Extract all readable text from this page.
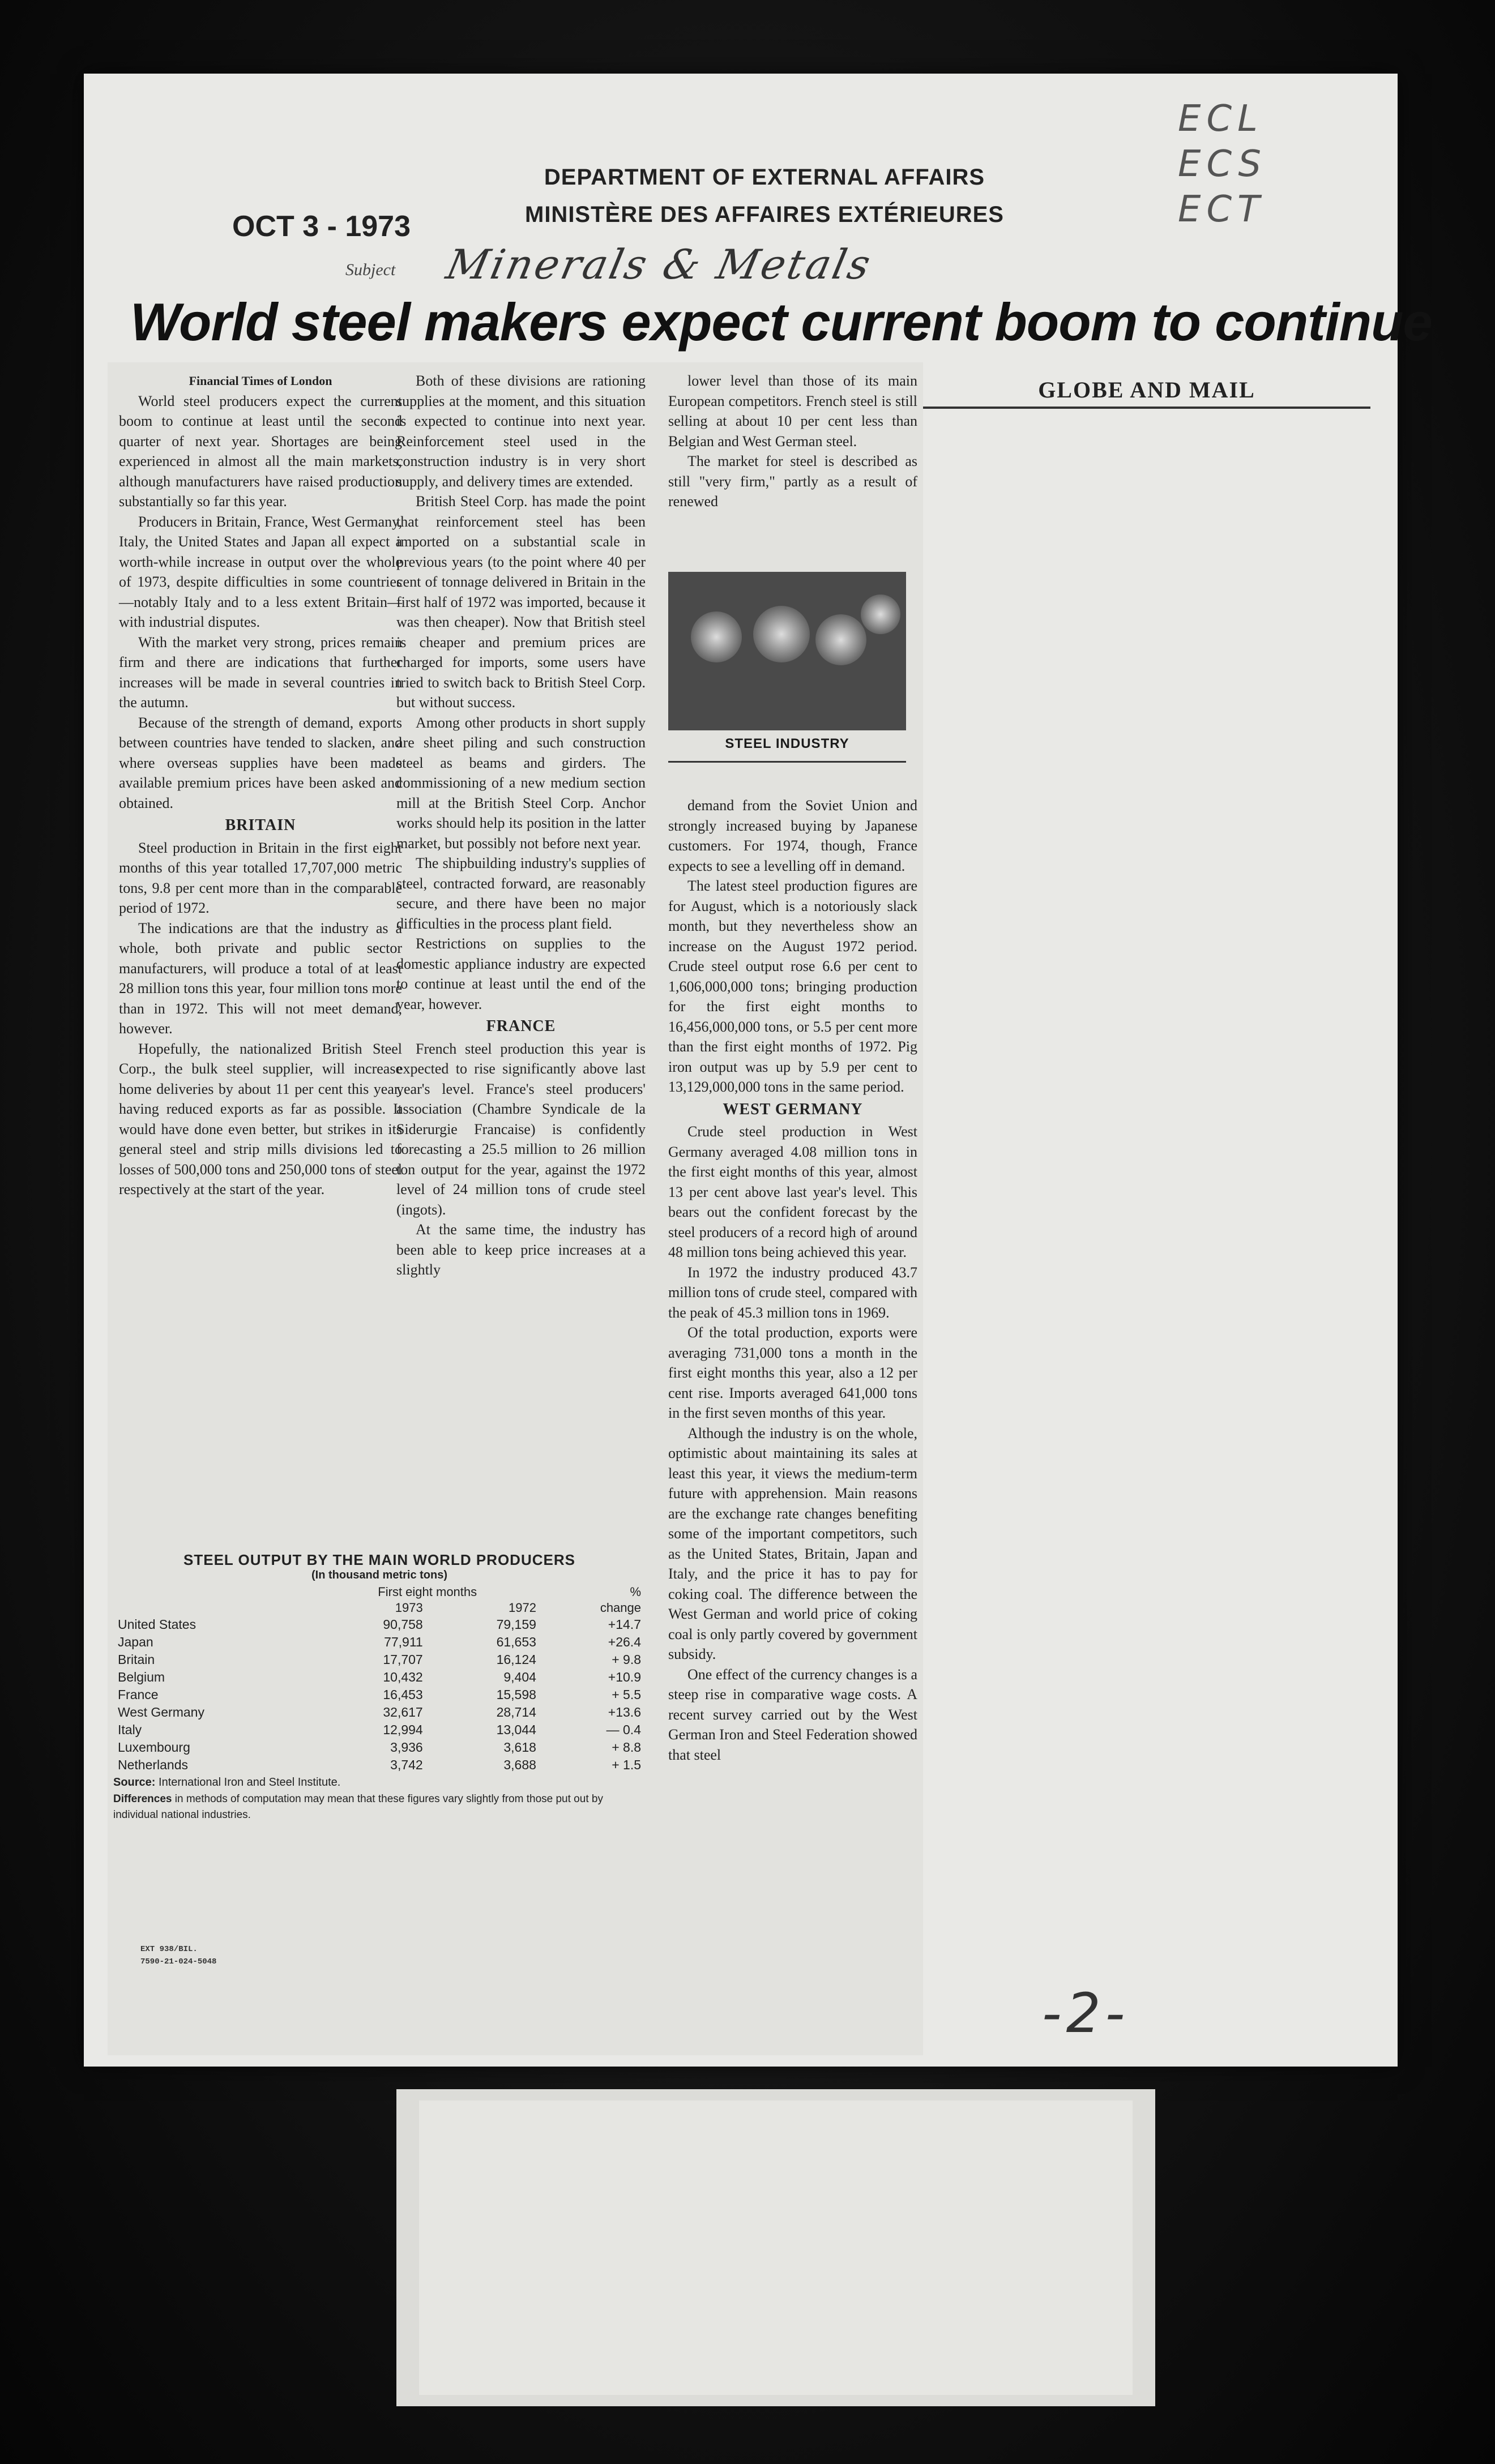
ECL
ECS
ECT
DEPARTMENT OF EXTERNAL AFFAIRS
MINISTÈRE DES AFFAIRES EXTÉRIEURES
OCT 3 - 1973
Subject Minerals & Metals
World steel makers expect current boom to continue
GLOBE AND MAIL

Financial Times of London

World steel producers expect the current boom to continue at least until the second quarter of next year. Shortages are being experienced in almost all the main markets, although manufacturers have raised production substantially so far this year.

Producers in Britain, France, West Germany, Italy, the United States and Japan all expect a worth-while increase in output over the whole of 1973, despite difficulties in some countries—notably Italy and to a less extent Britain—with industrial disputes.

With the market very strong, prices remain firm and there are indications that further increases will be made in several countries in the autumn.

Because of the strength of demand, exports between countries have tended to slacken, and where overseas supplies have been made available premium prices have been asked and obtained.

BRITAIN

Steel production in Britain in the first eight months of this year totalled 17,707,000 metric tons, 9.8 per cent more than in the comparable period of 1972.

The indications are that the industry as a whole, both private and public sector manufacturers, will produce a total of at least 28 million tons this year, four million tons more than in 1972. This will not meet demand, however.

Hopefully, the nationalized British Steel Corp., the bulk steel supplier, will increase home deliveries by about 11 per cent this year, having reduced exports as far as possible. It would have done even better, but strikes in its general steel and strip mills divisions led to losses of 500,000 tons and 250,000 tons of steel respectively at the start of the year.

Both of these divisions are rationing supplies at the moment, and this situation is expected to continue into next year. Reinforcement steel used in the construction industry is in very short supply, and delivery times are extended.

British Steel Corp. has made the point that reinforcement steel has been imported on a substantial scale in previous years (to the point where 40 per cent of tonnage delivered in Britain in the first half of 1972 was imported, because it was then cheaper). Now that British steel is cheaper and premium prices are charged for imports, some users have tried to switch back to British Steel Corp. but without success.

Among other products in short supply are sheet piling and such construction steel as beams and girders. The commissioning of a new medium section mill at the British Steel Corp. Anchor works should help its position in the latter market, but possibly not before next year.

The shipbuilding industry's supplies of steel, contracted forward, are reasonably secure, and there have been no major difficulties in the process plant field.

Restrictions on supplies to the domestic appliance industry are expected to continue at least until the end of the year, however.

FRANCE

French steel production this year is expected to rise significantly above last year's level. France's steel producers' association (Chambre Syndicale de la Siderurgie Francaise) is confidently forecasting a 25.5 million to 26 million ton output for the year, against the 1972 level of 24 million tons of crude steel (ingots).

At the same time, the industry has been able to keep price increases at a slightly

lower level than those of its main European competitors. French steel is still selling at about 10 per cent less than Belgian and West German steel.

The market for steel is described as still "very firm," partly as a result of renewed

STEEL INDUSTRY

demand from the Soviet Union and strongly increased buying by Japanese customers. For 1974, though, France expects to see a levelling off in demand.

The latest steel production figures are for August, which is a notoriously slack month, but they nevertheless show an increase on the August 1972 period. Crude steel output rose 6.6 per cent to 1,606,000,000 tons; bringing production for the first eight months to 16,456,000,000 tons, or 5.5 per cent more than the first eight months of 1972. Pig iron output was up by 5.9 per cent to 13,129,000,000 tons in the same period.

WEST GERMANY

Crude steel production in West Germany averaged 4.08 million tons in the first eight months of this year, almost 13 per cent above last year's level. This bears out the confident forecast by the steel producers of a record high of around 48 million tons being achieved this year.

In 1972 the industry produced 43.7 million tons of crude steel, compared with the peak of 45.3 million tons in 1969.

Of the total production, exports were averaging 731,000 tons a month in the first eight months this year, also a 12 per cent rise. Imports averaged 641,000 tons in the first seven months of this year.

Although the industry is on the whole, optimistic about maintaining its sales at least this year, it views the medium-term future with apprehension. Main reasons are the exchange rate changes benefiting some of the important competitors, such as the United States, Britain, Japan and Italy, and the price it has to pay for coking coal. The difference between the West German and world price of coking coal is only partly covered by government subsidy.

One effect of the currency changes is a steep rise in comparative wage costs. A recent survey carried out by the West German Iron and Steel Federation showed that steel

STEEL OUTPUT BY THE MAIN WORLD PRODUCERS
(In thousand metric tons)
	First eight months		%
	1973	1972	change
United States	90,758	79,159	+14.7
Japan	77,911	61,653	+26.4
Britain	17,707	16,124	+ 9.8
Belgium	10,432	9,404	+10.9
France	16,453	15,598	+ 5.5
West Germany	32,617	28,714	+13.6
Italy	12,994	13,044	— 0.4
Luxembourg	3,936	3,618	+ 8.8
Netherlands	3,742	3,688	+ 1.5
Source: International Iron and Steel Institute.
Differences in methods of computation may mean that these figures vary slightly from those put out by individual national industries.
EXT 938/BIL.
7590-21-024-5048
-2-
